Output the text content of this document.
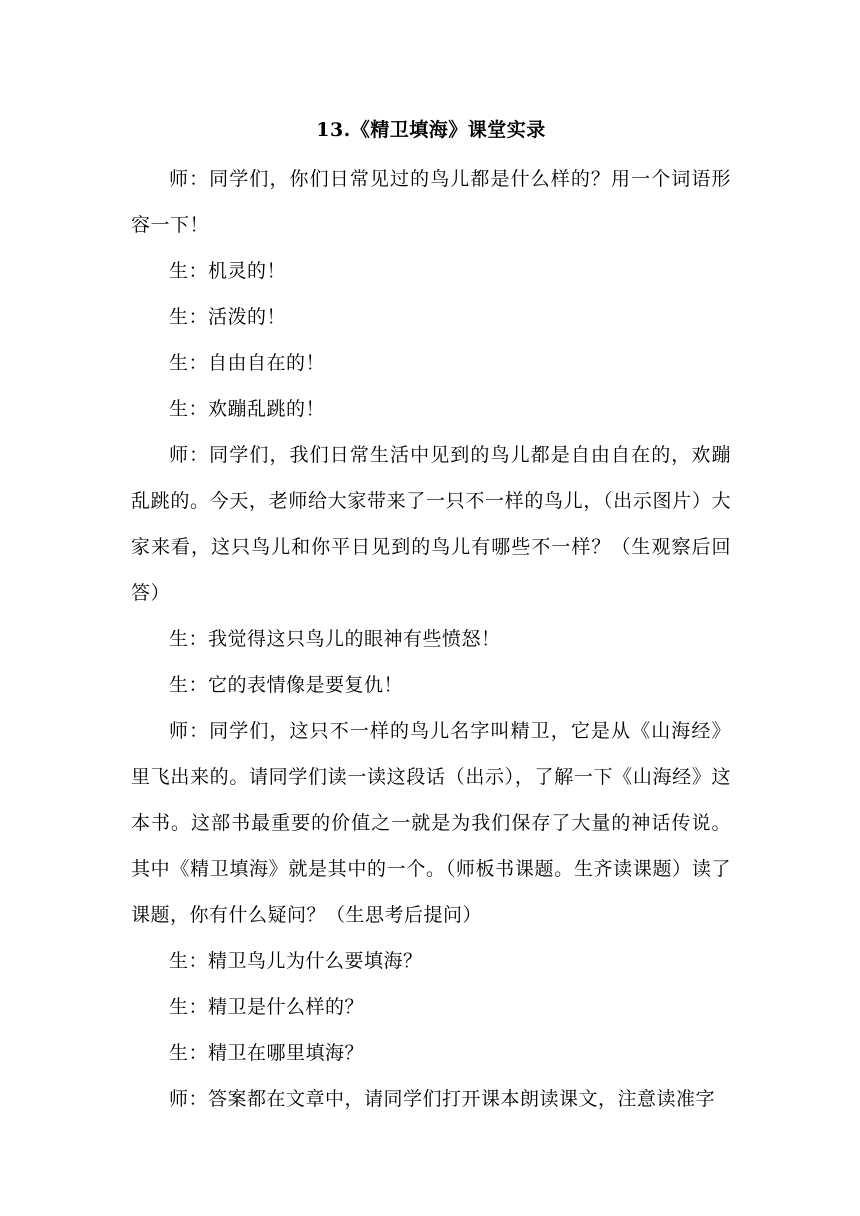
13.《精卫填海》课堂实录

师：同学们，你们日常见过的鸟儿都是什么样的？用一个词语形容一下！

生：机灵的！

生：活泼的！

生：自由自在的！

生：欢蹦乱跳的！

师：同学们，我们日常生活中见到的鸟儿都是自由自在的，欢蹦乱跳的。今天，老师给大家带来了一只不一样的鸟儿，（出示图片）大家来看，这只鸟儿和你平日见到的鸟儿有哪些不一样？（生观察后回答）

生：我觉得这只鸟儿的眼神有些愤怒！

生：它的表情像是要复仇！

师：同学们，这只不一样的鸟儿名字叫精卫，它是从《山海经》里飞出来的。请同学们读一读这段话（出示），了解一下《山海经》这本书。这部书最重要的价值之一就是为我们保存了大量的神话传说。其中《精卫填海》就是其中的一个。（师板书课题。生齐读课题）读了课题，你有什么疑问？（生思考后提问）

生：精卫鸟儿为什么要填海？

生：精卫是什么样的？

生：精卫在哪里填海？

师：答案都在文章中，请同学们打开课本朗读课文，注意读准字
